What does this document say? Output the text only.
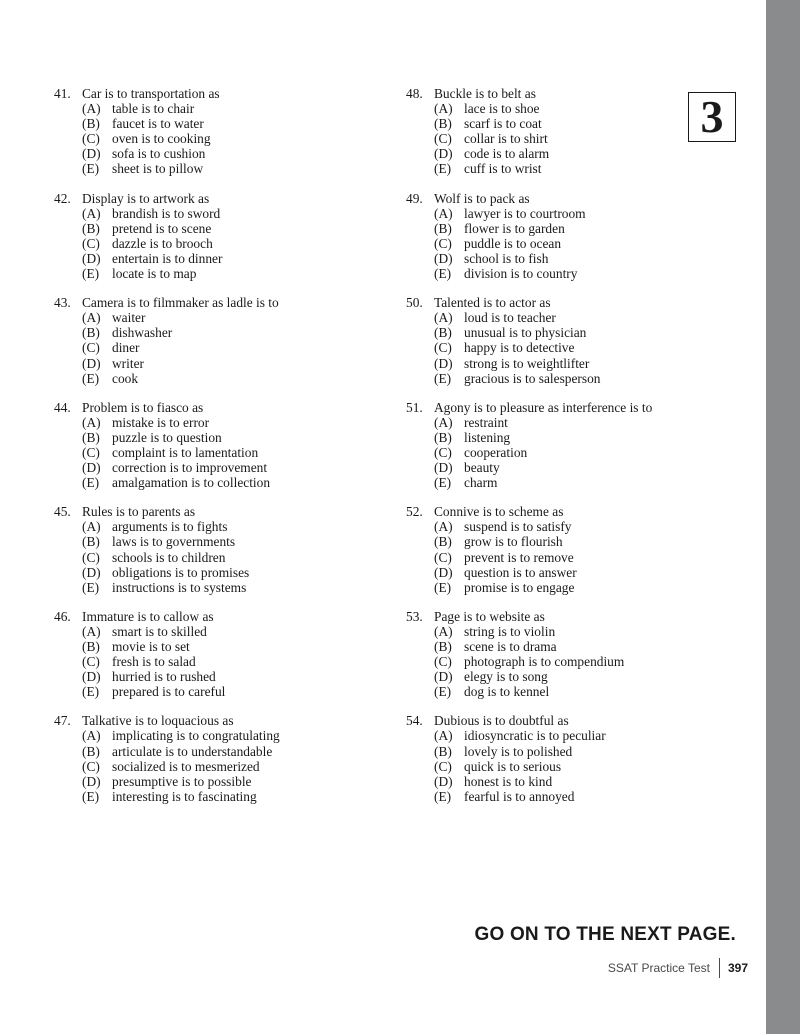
41. Car is to transportation as
(A) table is to chair
(B) faucet is to water
(C) oven is to cooking
(D) sofa is to cushion
(E) sheet is to pillow
42. Display is to artwork as
(A) brandish is to sword
(B) pretend is to scene
(C) dazzle is to brooch
(D) entertain is to dinner
(E) locate is to map
43. Camera is to filmmaker as ladle is to
(A) waiter
(B) dishwasher
(C) diner
(D) writer
(E) cook
44. Problem is to fiasco as
(A) mistake is to error
(B) puzzle is to question
(C) complaint is to lamentation
(D) correction is to improvement
(E) amalgamation is to collection
45. Rules is to parents as
(A) arguments is to fights
(B) laws is to governments
(C) schools is to children
(D) obligations is to promises
(E) instructions is to systems
46. Immature is to callow as
(A) smart is to skilled
(B) movie is to set
(C) fresh is to salad
(D) hurried is to rushed
(E) prepared is to careful
47. Talkative is to loquacious as
(A) implicating is to congratulating
(B) articulate is to understandable
(C) socialized is to mesmerized
(D) presumptive is to possible
(E) interesting is to fascinating
48. Buckle is to belt as
(A) lace is to shoe
(B) scarf is to coat
(C) collar is to shirt
(D) code is to alarm
(E) cuff is to wrist
49. Wolf is to pack as
(A) lawyer is to courtroom
(B) flower is to garden
(C) puddle is to ocean
(D) school is to fish
(E) division is to country
50. Talented is to actor as
(A) loud is to teacher
(B) unusual is to physician
(C) happy is to detective
(D) strong is to weightlifter
(E) gracious is to salesperson
51. Agony is to pleasure as interference is to
(A) restraint
(B) listening
(C) cooperation
(D) beauty
(E) charm
52. Connive is to scheme as
(A) suspend is to satisfy
(B) grow is to flourish
(C) prevent is to remove
(D) question is to answer
(E) promise is to engage
53. Page is to website as
(A) string is to violin
(B) scene is to drama
(C) photograph is to compendium
(D) elegy is to song
(E) dog is to kennel
54. Dubious is to doubtful as
(A) idiosyncratic is to peculiar
(B) lovely is to polished
(C) quick is to serious
(D) honest is to kind
(E) fearful is to annoyed
3
GO ON TO THE NEXT PAGE.
SSAT Practice Test 397
